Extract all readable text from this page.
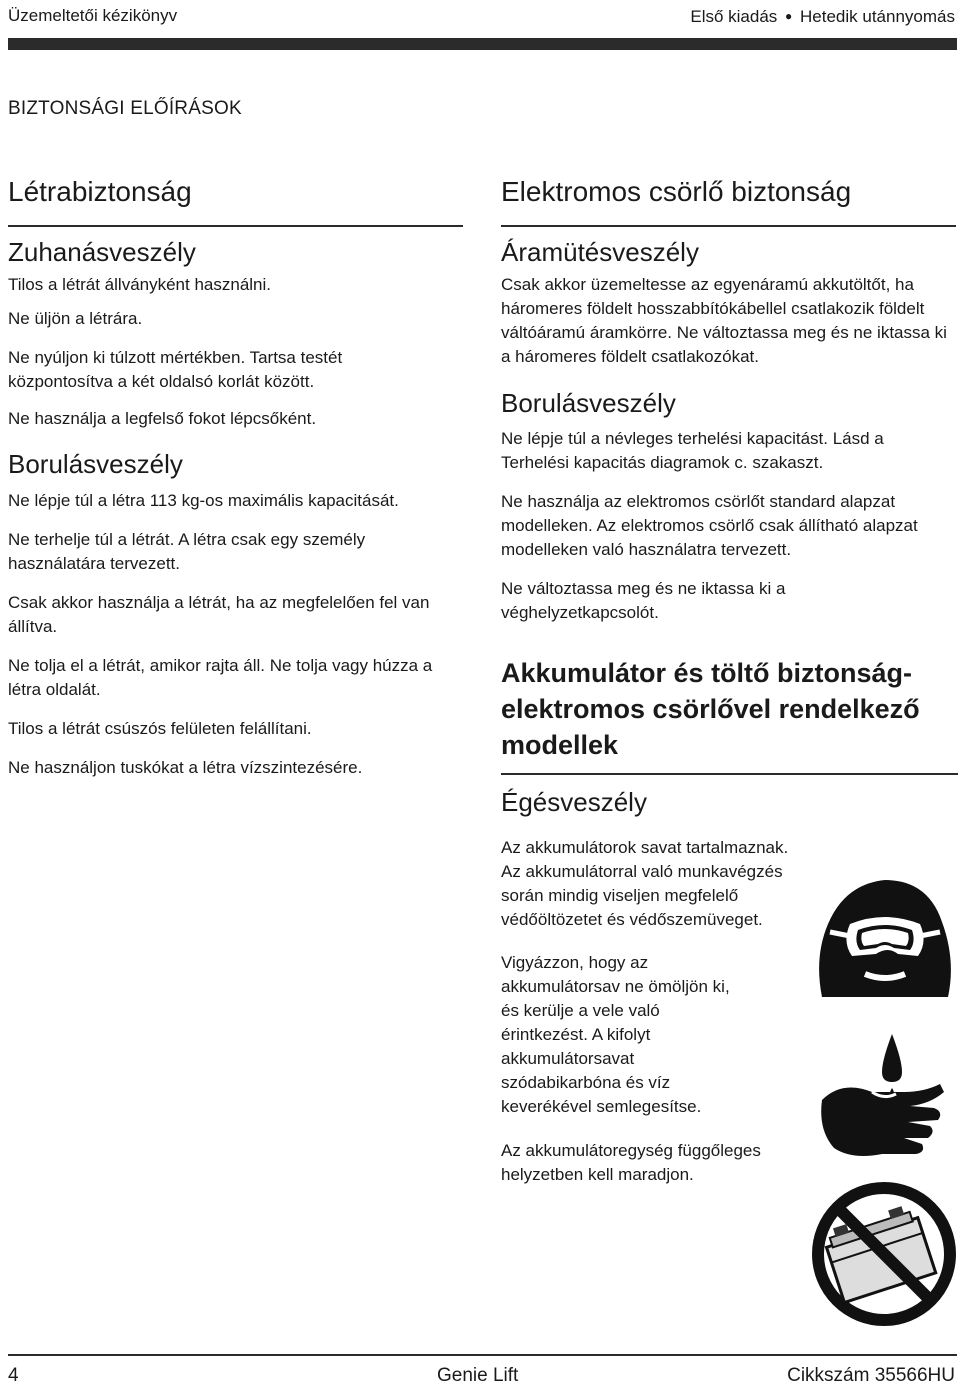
Üzemeltetői kézikönyv	Első kiadás ● Hetedik utánnyomás
BIZTONSÁGI ELŐÍRÁSOK
Létrabiztonság
Zuhanásveszély

Tilos a létrát állványként használni.

Ne üljön a létrára.

Ne nyúljon ki túlzott mértékben. Tartsa testét központosítva a két oldalsó korlát között.

Ne használja a legfelső fokot lépcsőként.

Borulásveszély

Ne lépje túl a létra 113 kg-os maximális kapacitását.

Ne terhelje túl a létrát. A létra csak egy személy használatára tervezett.

Csak akkor használja a létrát, ha az megfelelően fel van állítva.

Ne tolja el a létrát, amikor rajta áll. Ne tolja vagy húzza a létra oldalát.

Tilos a létrát csúszós felületen felállítani.

Ne használjon tuskókat a létra vízszintezésére.

Elektromos csörlő biztonság
Áramütésveszély

Csak akkor üzemeltesse az egyenáramú akkutöltőt, ha háromeres földelt hosszabbítókábellel csatlakozik földelt váltóáramú áramkörre. Ne változtassa meg és ne iktassa ki a háromeres földelt csatlakozókat.

Borulásveszély

Ne lépje túl a névleges terhelési kapacitást. Lásd a Terhelési kapacitás diagramok c. szakaszt.

Ne használja az elektromos csörlőt standard alapzat modelleken. Az elektromos csörlő csak állítható alapzat modelleken való használatra tervezett.

Ne változtassa meg és ne iktassa ki a véghelyzetkapcsolót.

Akkumulátor és töltő biztonság-elektromos csörlővel rendelkező modellek
Égésveszély

Az akkumulátorok savat tartalmaznak. Az akkumulátorral való munkavégzés során mindig viseljen megfelelő védőöltözetet és védőszemüveget.

Vigyázzon, hogy az akkumulátorsav ne ömöljön ki, és kerülje a vele való érintkezést. A kifolyt akkumulátorsavat szódabikarbóna és víz keverékével semlegesítse.

Az akkumulátoregység függőleges helyzetben kell maradjon.

4	Genie Lift	Cikkszám 35566HU
